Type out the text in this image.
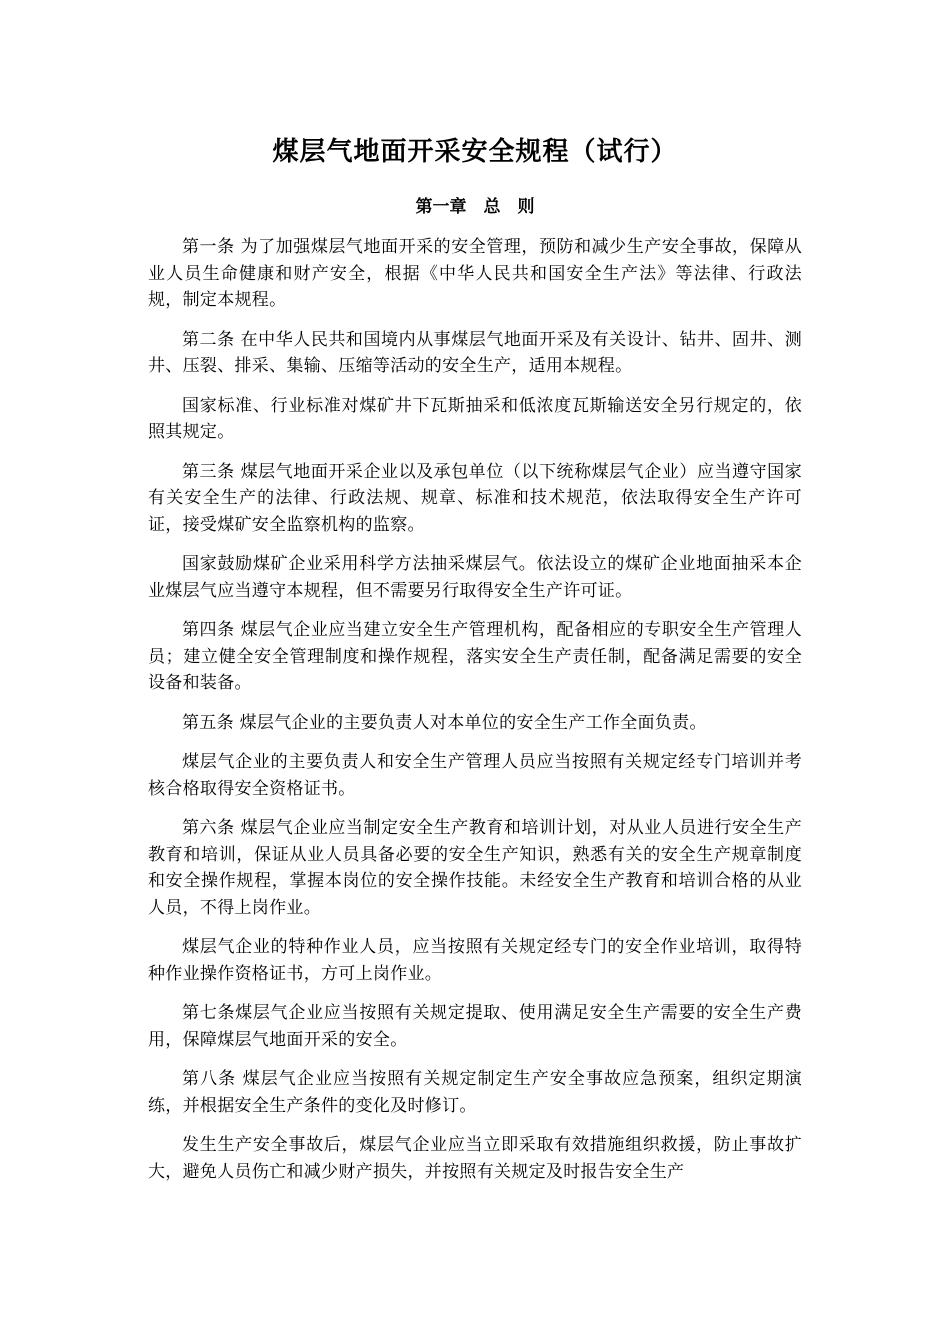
煤层气地面开采安全规程（试行）
第一章　总　则

第一条 为了加强煤层气地面开采的安全管理，预防和减少生产安全事故，保障从业人员生命健康和财产安全，根据《中华人民共和国安全生产法》等法律、行政法规，制定本规程。

第二条 在中华人民共和国境内从事煤层气地面开采及有关设计、钻井、固井、测井、压裂、排采、集输、压缩等活动的安全生产，适用本规程。

国家标准、行业标准对煤矿井下瓦斯抽采和低浓度瓦斯输送安全另行规定的，依照其规定。

第三条 煤层气地面开采企业以及承包单位（以下统称煤层气企业）应当遵守国家有关安全生产的法律、行政法规、规章、标准和技术规范，依法取得安全生产许可证，接受煤矿安全监察机构的监察。

国家鼓励煤矿企业采用科学方法抽采煤层气。依法设立的煤矿企业地面抽采本企业煤层气应当遵守本规程，但不需要另行取得安全生产许可证。

第四条 煤层气企业应当建立安全生产管理机构，配备相应的专职安全生产管理人员；建立健全安全管理制度和操作规程，落实安全生产责任制，配备满足需要的安全设备和装备。

第五条 煤层气企业的主要负责人对本单位的安全生产工作全面负责。

煤层气企业的主要负责人和安全生产管理人员应当按照有关规定经专门培训并考核合格取得安全资格证书。

第六条 煤层气企业应当制定安全生产教育和培训计划，对从业人员进行安全生产教育和培训，保证从业人员具备必要的安全生产知识，熟悉有关的安全生产规章制度和安全操作规程，掌握本岗位的安全操作技能。未经安全生产教育和培训合格的从业人员，不得上岗作业。

煤层气企业的特种作业人员，应当按照有关规定经专门的安全作业培训，取得特种作业操作资格证书，方可上岗作业。

第七条煤层气企业应当按照有关规定提取、使用满足安全生产需要的安全生产费用，保障煤层气地面开采的安全。

第八条 煤层气企业应当按照有关规定制定生产安全事故应急预案，组织定期演练，并根据安全生产条件的变化及时修订。

发生生产安全事故后，煤层气企业应当立即采取有效措施组织救援，防止事故扩大，避免人员伤亡和减少财产损失，并按照有关规定及时报告安全生产
